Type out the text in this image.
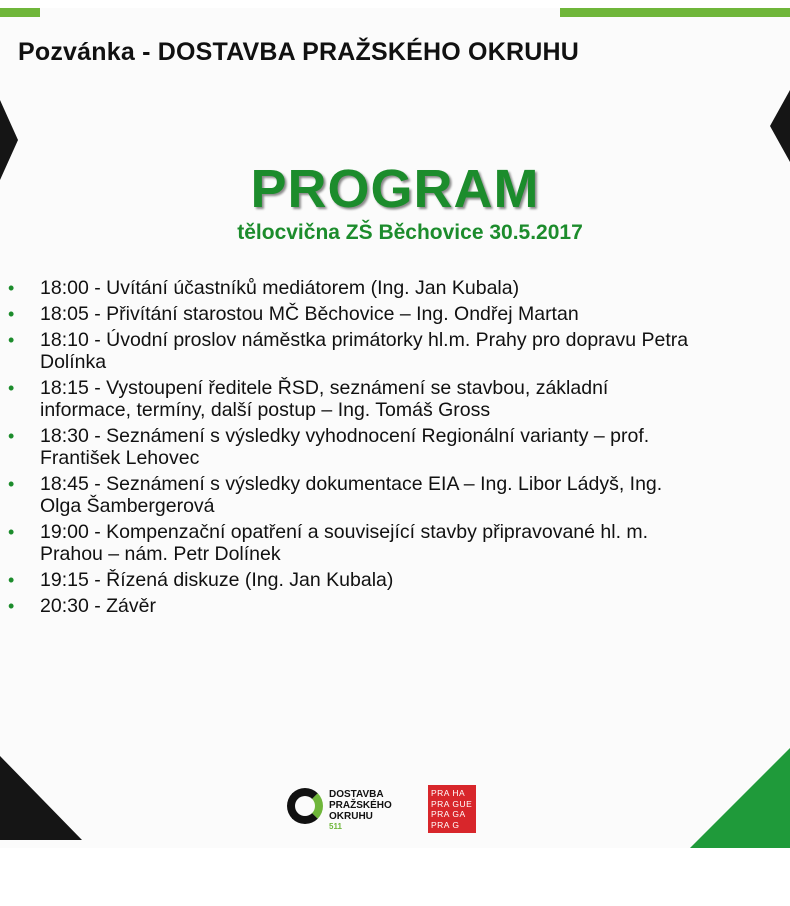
Pozvánka - DOSTAVBA PRAŽSKÉHO OKRUHU
PROGRAM
tělocvična ZŠ Běchovice 30.5.2017
• 18:00 - Uvítání účastníků mediátorem (Ing. Jan Kubala)
• 18:05 - Přivítání starostou MČ Běchovice – Ing. Ondřej Martan
• 18:10 - Úvodní proslov náměstka primátorky hl.m. Prahy pro dopravu Petra
Dolínka
• 18:15 - Vystoupení ředitele ŘSD, seznámení se stavbou, základní
informace, termíny, další postup – Ing. Tomáš Gross
• 18:30 - Seznámení s výsledky vyhodnocení Regionální varianty – prof.
František Lehovec
• 18:45 - Seznámení s výsledky dokumentace EIA – Ing. Libor Ládyš, Ing.
Olga Šambergerová
• 19:00 - Kompenzační opatření a související stavby připravované hl. m.
Prahou – nám. Petr Dolínek
• 19:15 - Řízená diskuze (Ing. Jan Kubala)
• 20:30 - Závěr
DOSTAVBA
PRAŽSKÉHO
OKRUHU
511
PRA HA
PRA GUE
PRA GA
PRA G
